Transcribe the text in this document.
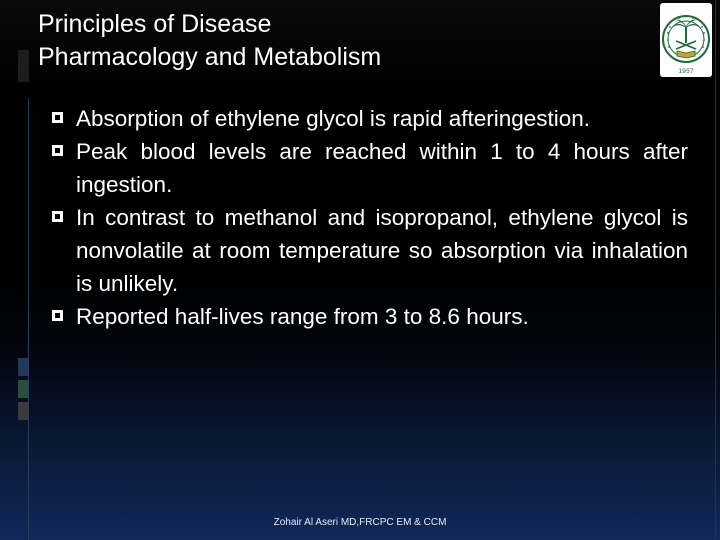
Principles of Disease
Pharmacology and Metabolism
1957
Absorption of ethylene glycol is rapid afteringestion.
Peak blood levels are reached within 1 to 4 hours after ingestion.
In contrast to methanol and isopropanol, ethylene glycol is nonvolatile at room temperature so absorption via inhalation is unlikely.
Reported half-lives range from 3 to 8.6 hours.
Zohair Al Aseri MD,FRCPC EM & CCM
